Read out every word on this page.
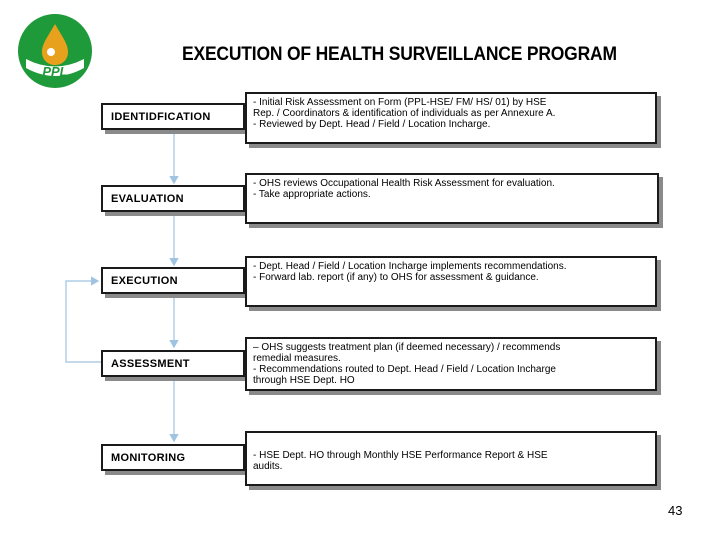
PPL
EXECUTION OF HEALTH SURVEILLANCE PROGRAM
IDENTIDFICATION
EVALUATION
EXECUTION
ASSESSMENT
MONITORING
- Initial Risk Assessment on Form (PPL-HSE/ FM/ HS/ 01) by HSE
Rep. / Coordinators & identification of individuals as per Annexure A.
- Reviewed by Dept. Head / Field / Location Incharge.
- OHS reviews Occupational Health Risk Assessment for evaluation.
- Take appropriate actions.
- Dept. Head / Field / Location Incharge implements recommendations.
- Forward lab. report (if any) to OHS for assessment & guidance.
– OHS suggests treatment plan (if deemed necessary) / recommends
remedial measures.
- Recommendations routed to Dept. Head / Field / Location Incharge
through HSE Dept. HO
- HSE Dept. HO through Monthly HSE Performance Report & HSE
audits.
43
